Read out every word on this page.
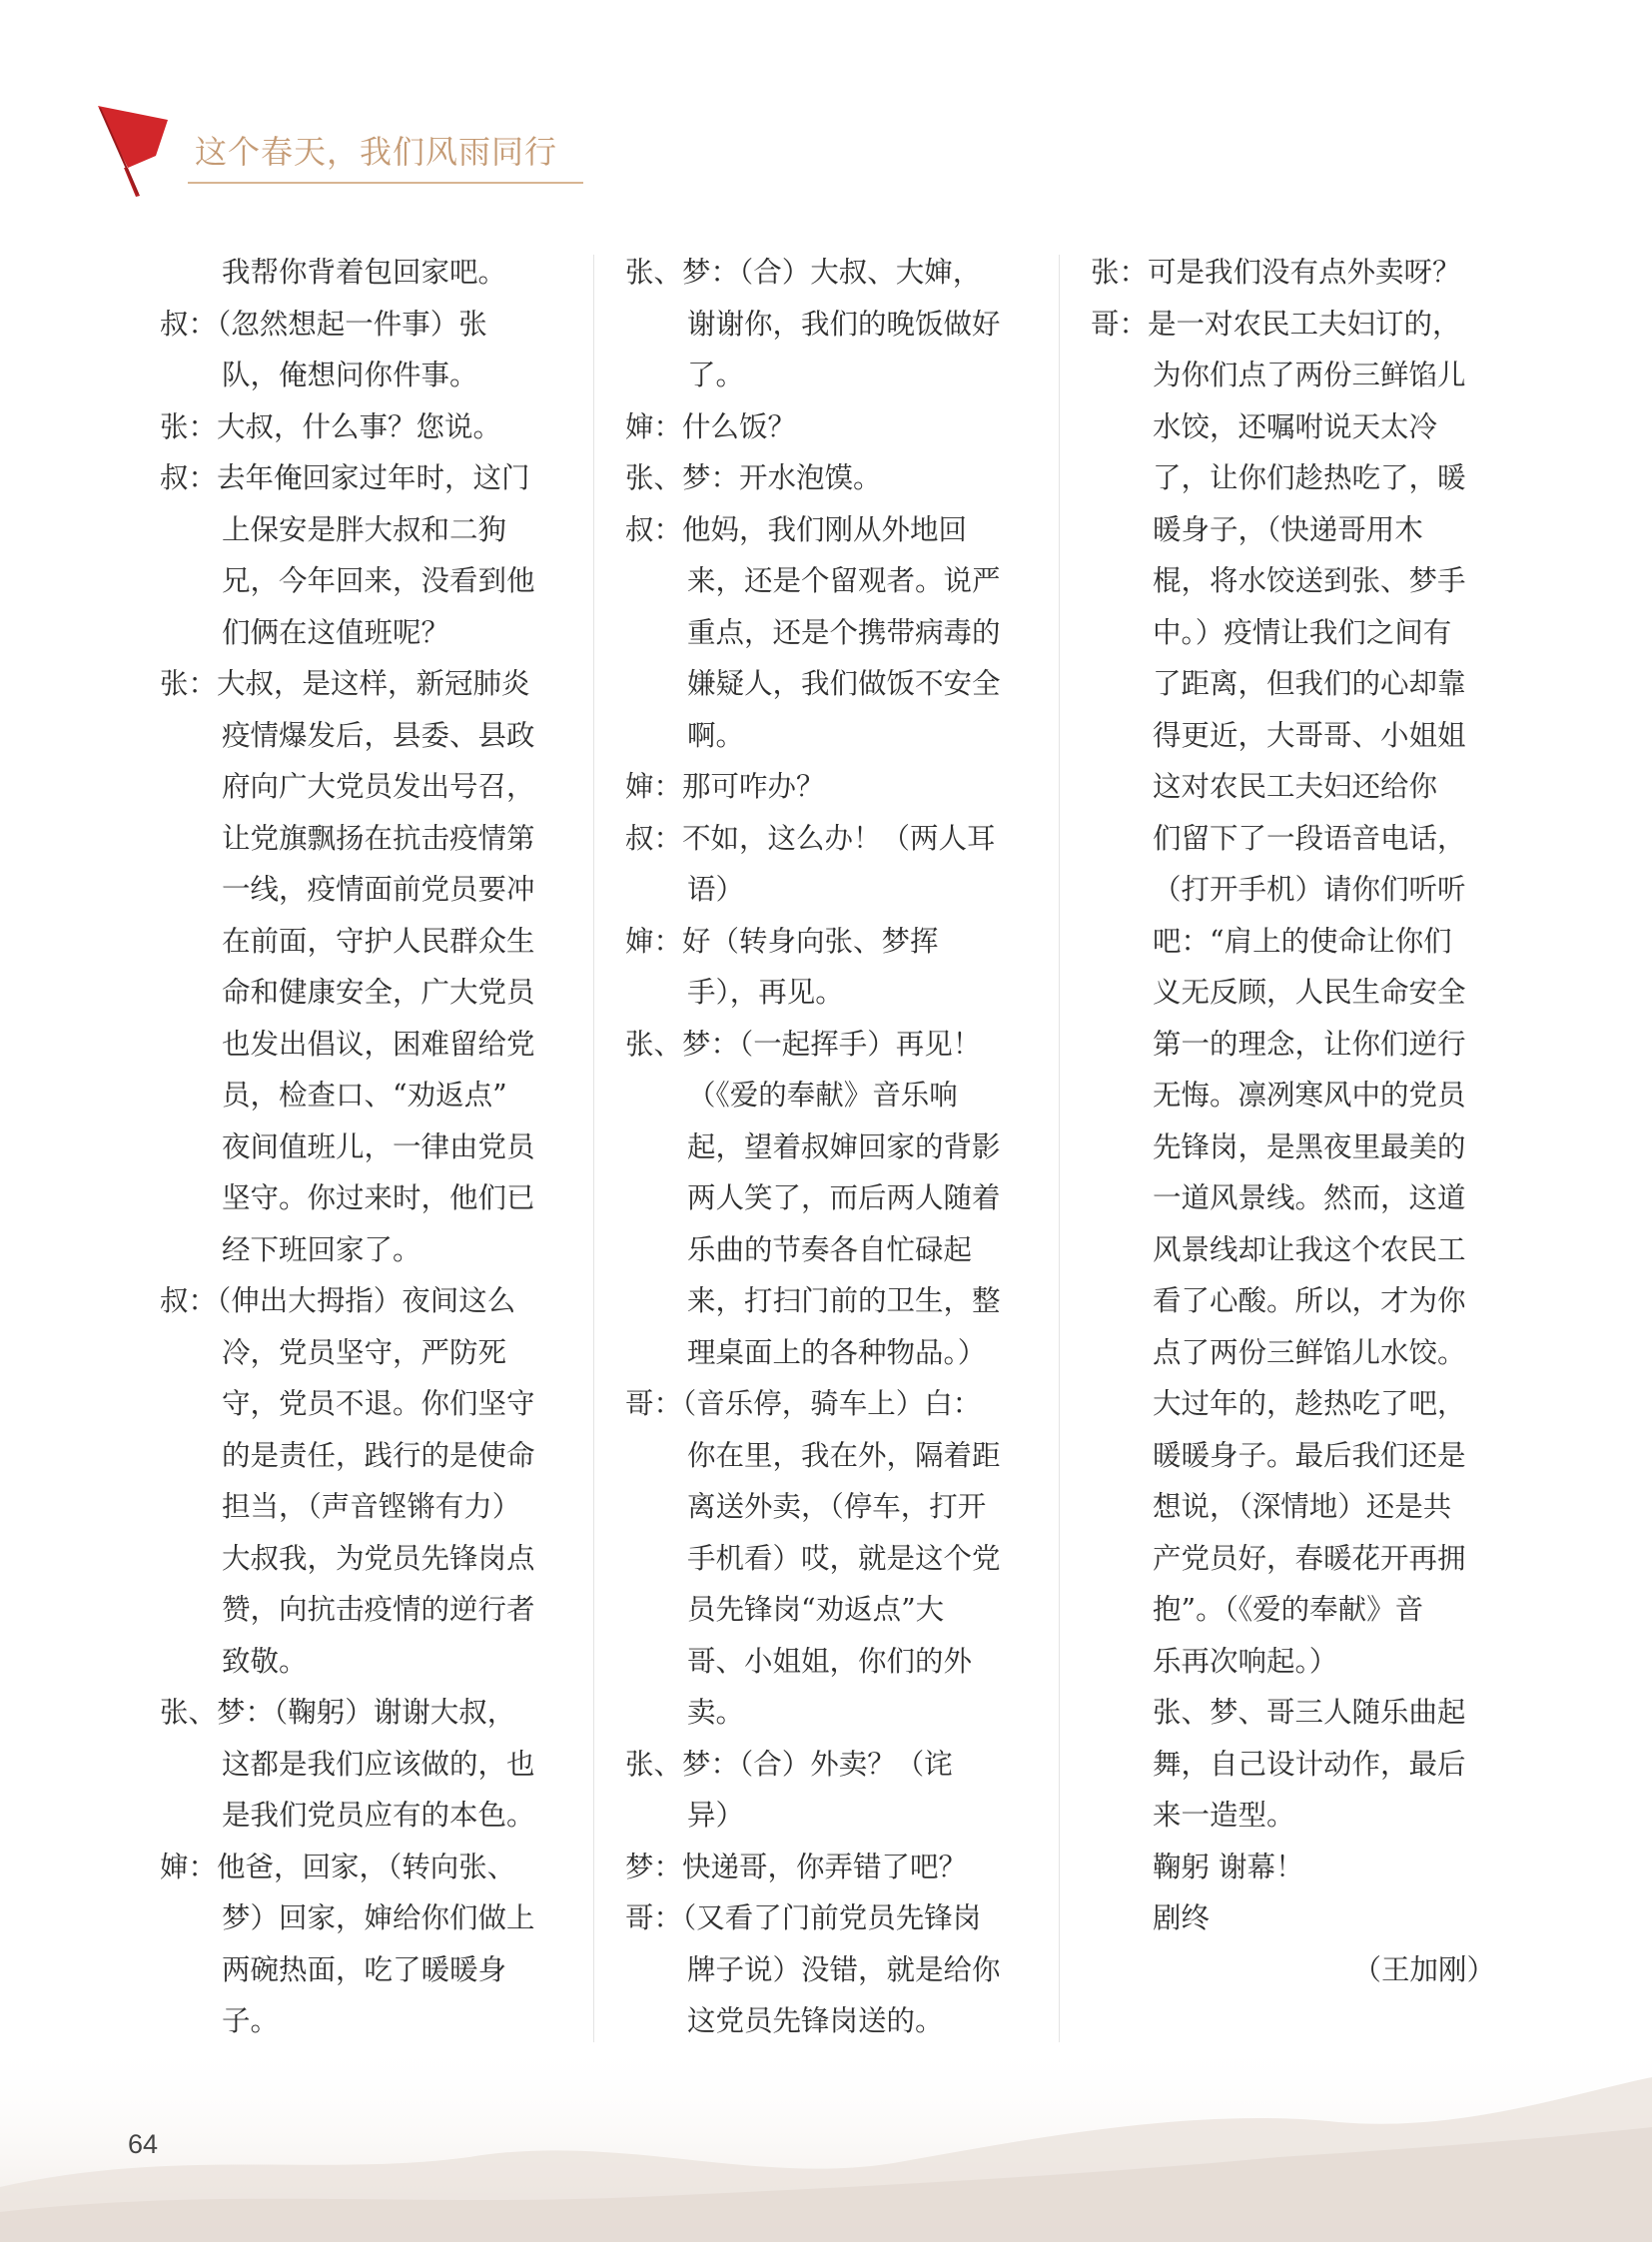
这个春天，我们风雨同行
我帮你背着包回家吧。
叔：（忽然想起一件事）张
队，俺想问你件事。
张：大叔，什么事？您说。
叔：去年俺回家过年时，这门
上保安是胖大叔和二狗
兄，今年回来，没看到他
们俩在这值班呢？
张：大叔，是这样，新冠肺炎
疫情爆发后，县委、县政
府向广大党员发出号召，
让党旗飘扬在抗击疫情第
一线，疫情面前党员要冲
在前面，守护人民群众生
命和健康安全，广大党员
也发出倡议，困难留给党
员，检查口、“劝返点”
夜间值班儿，一律由党员
坚守。你过来时，他们已
经下班回家了。
叔：（伸出大拇指）夜间这么
冷，党员坚守，严防死
守，党员不退。你们坚守
的是责任，践行的是使命
担当，（声音铿锵有力）
大叔我，为党员先锋岗点
赞，向抗击疫情的逆行者
致敬。
张、梦：（鞠躬）谢谢大叔，
这都是我们应该做的，也
是我们党员应有的本色。
婶：他爸，回家，（转向张、
梦）回家，婶给你们做上
两碗热面，吃了暖暖身
子。
张、梦：（合）大叔、大婶，
谢谢你，我们的晚饭做好
了。
婶：什么饭？
张、梦：开水泡馍。
叔：他妈，我们刚从外地回
来，还是个留观者。说严
重点，还是个携带病毒的
嫌疑人，我们做饭不安全
啊。
婶：那可咋办？
叔：不如，这么办！（两人耳
语）
婶：好（转身向张、梦挥
手），再见。
张、梦：（一起挥手）再见！
（《爱的奉献》音乐响
起，望着叔婶回家的背影
两人笑了，而后两人随着
乐曲的节奏各自忙碌起
来，打扫门前的卫生，整
理桌面上的各种物品。）
哥：（音乐停，骑车上）白：
你在里，我在外，隔着距
离送外卖，（停车，打开
手机看）哎，就是这个党
员先锋岗“劝返点”大
哥、小姐姐，你们的外
卖。
张、梦：（合）外卖？（诧
异）
梦：快递哥，你弄错了吧？
哥：（又看了门前党员先锋岗
牌子说）没错，就是给你
这党员先锋岗送的。
张：可是我们没有点外卖呀？
哥：是一对农民工夫妇订的，
为你们点了两份三鲜馅儿
水饺，还嘱咐说天太冷
了，让你们趁热吃了，暖
暖身子，（快递哥用木
棍，将水饺送到张、梦手
中。）疫情让我们之间有
了距离，但我们的心却靠
得更近，大哥哥、小姐姐
这对农民工夫妇还给你
们留下了一段语音电话，
（打开手机）请你们听听
吧：“肩上的使命让你们
义无反顾，人民生命安全
第一的理念，让你们逆行
无悔。凛冽寒风中的党员
先锋岗，是黑夜里最美的
一道风景线。然而，这道
风景线却让我这个农民工
看了心酸。所以，才为你
点了两份三鲜馅儿水饺。
大过年的，趁热吃了吧，
暖暖身子。最后我们还是
想说，（深情地）还是共
产党员好，春暖花开再拥
抱”。（《爱的奉献》音
乐再次响起。）
张、梦、哥三人随乐曲起
舞，自己设计动作，最后
来一造型。
鞠躬 谢幕！
剧终
（王加刚）
64
